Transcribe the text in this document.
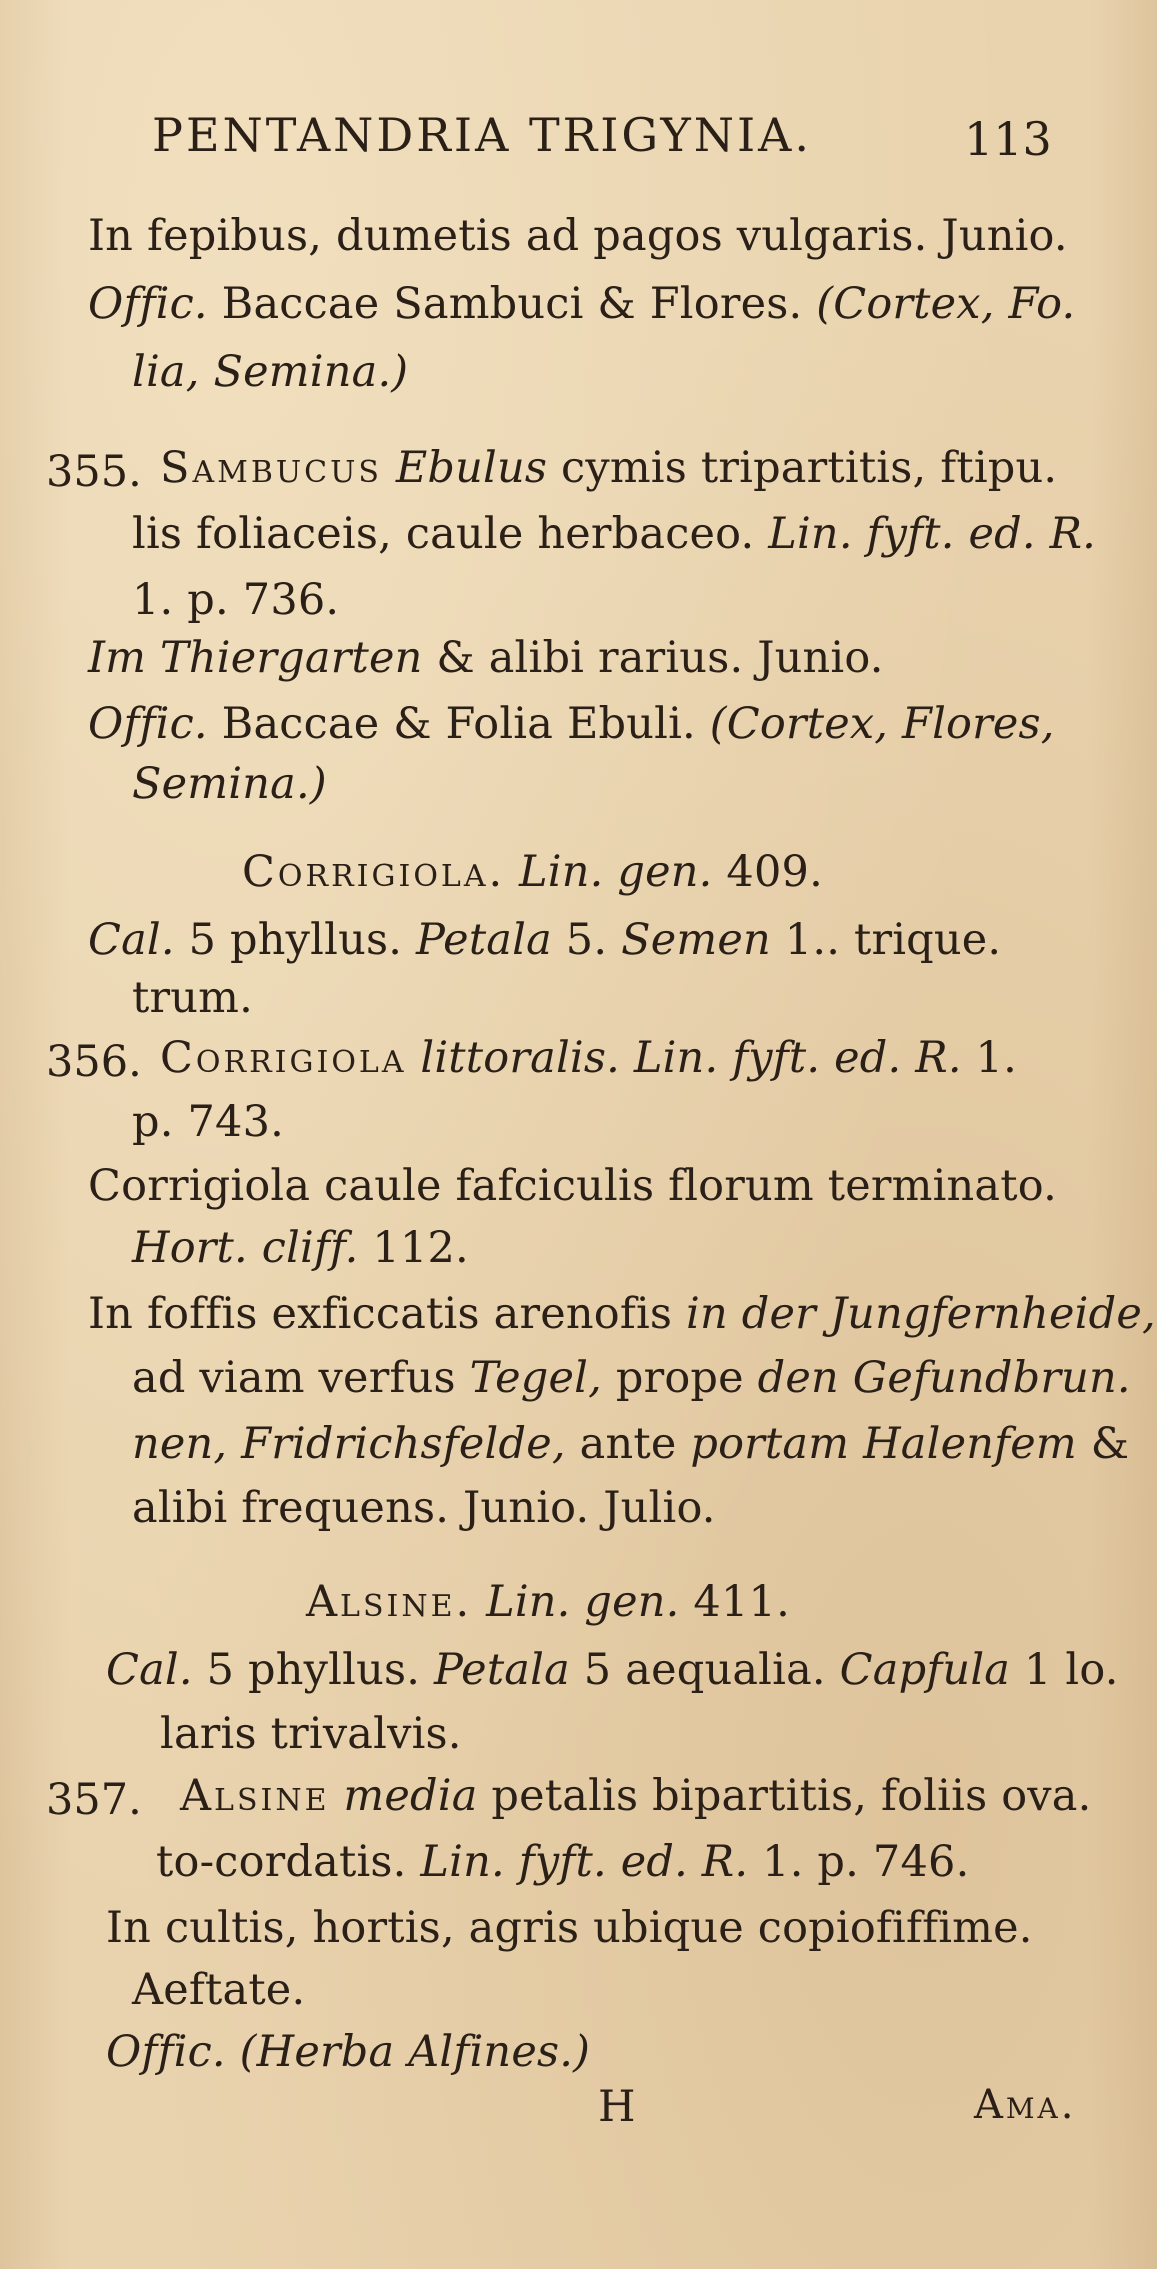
PENTANDRIA TRIGYNIA.	113
In fepibus, dumetis ad pagos vulgaris. Junio.
Offic. Baccae Sambuci & Flores. (Cortex, Fo.
lia, Semina.)
355. Sambucus Ebulus cymis tripartitis, ftipu.
lis foliaceis, caule herbaceo. Lin. fyft. ed. R.
1. p. 736.
Im Thiergarten & alibi rarius. Junio.
Offic. Baccae & Folia Ebuli. (Cortex, Flores,
Semina.)
Corrigiola. Lin. gen. 409.
Cal. 5 phyllus. Petala 5. Semen 1.. trique.
trum.
356. Corrigiola littoralis. Lin. fyft. ed. R. 1.
p. 743.
Corrigiola caule fafciculis florum terminato.
Hort. cliff. 112.
In foffis exficcatis arenofis in der Jungfernheide,
ad viam verfus Tegel, prope den Gefundbrun.
nen, Fridrichsfelde, ante portam Halenfem &
alibi frequens. Junio. Julio.
Alsine. Lin. gen. 411.
Cal. 5 phyllus. Petala 5 aequalia. Capfula 1 lo.
laris trivalvis.
357. Alsine media petalis bipartitis, foliis ova.
to-cordatis. Lin. fyft. ed. R. 1. p. 746.
In cultis, hortis, agris ubique copiofiffime.
Aeftate.
Offic. (Herba Alfines.)
H	Ama.
